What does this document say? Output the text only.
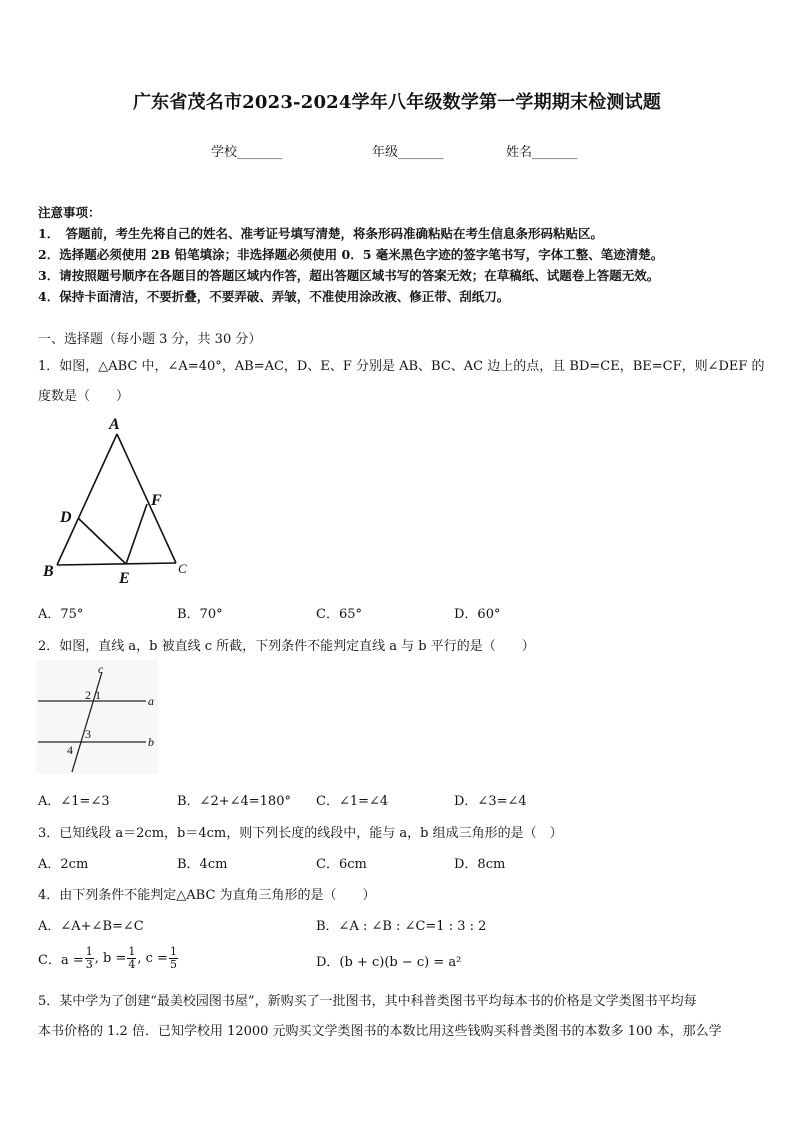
广东省茂名市2023-2024学年八年级数学第一学期期末检测试题
学校_______	年级_______	姓名_______
注意事项：
1．　答题前，考生先将自己的姓名、准考证号填写清楚，将条形码准确粘贴在考生信息条形码粘贴区。
2．选择题必须使用 2B 铅笔填涂；非选择题必须使用 0．5 毫米黑色字迹的签字笔书写，字体工整、笔迹清楚。
3．请按照题号顺序在各题目的答题区域内作答，超出答题区域书写的答案无效；在草稿纸、试题卷上答题无效。
4．保持卡面清洁，不要折叠，不要弄破、弄皱，不准使用涂改液、修正带、刮纸刀。
一、选择题（每小题 3 分，共 30 分）
1．如图，△ABC 中，∠A=40°，AB=AC，D、E、F 分别是 AB、BC、AC 边上的点，且 BD=CE，BE=CF，则∠DEF 的
度数是（　　）
A
D
F
B	E
C
A．75°	B．70°	C．65°	D．60°
2．如图，直线 a，b 被直线 c 所截，下列条件不能判定直线 a 与 b 平行的是（　　）
c
a
b
2 1
3
4
A．∠1=∠3	B．∠2+∠4=180° C．∠1=∠4	D．∠3=∠4
3．已知线段 a＝2cm，b＝4cm，则下列长度的线段中，能与 a，b 组成三角形的是（　）
A．2cm	B．4cm	C．6cm	D．8cm
4．由下列条件不能判定△ABC 为直角三角形的是（　　）
A．∠A+∠B=∠C	B．∠A : ∠B : ∠C=1 : 3 : 2
C．$a = \frac{1}{3}$ , $b = \frac{1}{4}$ , $c = \frac{1}{5}$	D．(b + c)(b − c) = a²
5．某中学为了创建“最美校园图书屋”，新购买了一批图书，其中科普类图书平均每本书的价格是文学类图书平均每
本书价格的 1.2 倍．已知学校用 12000 元购买文学类图书的本数比用这些钱购买科普类图书的本数多 100 本，那么学
